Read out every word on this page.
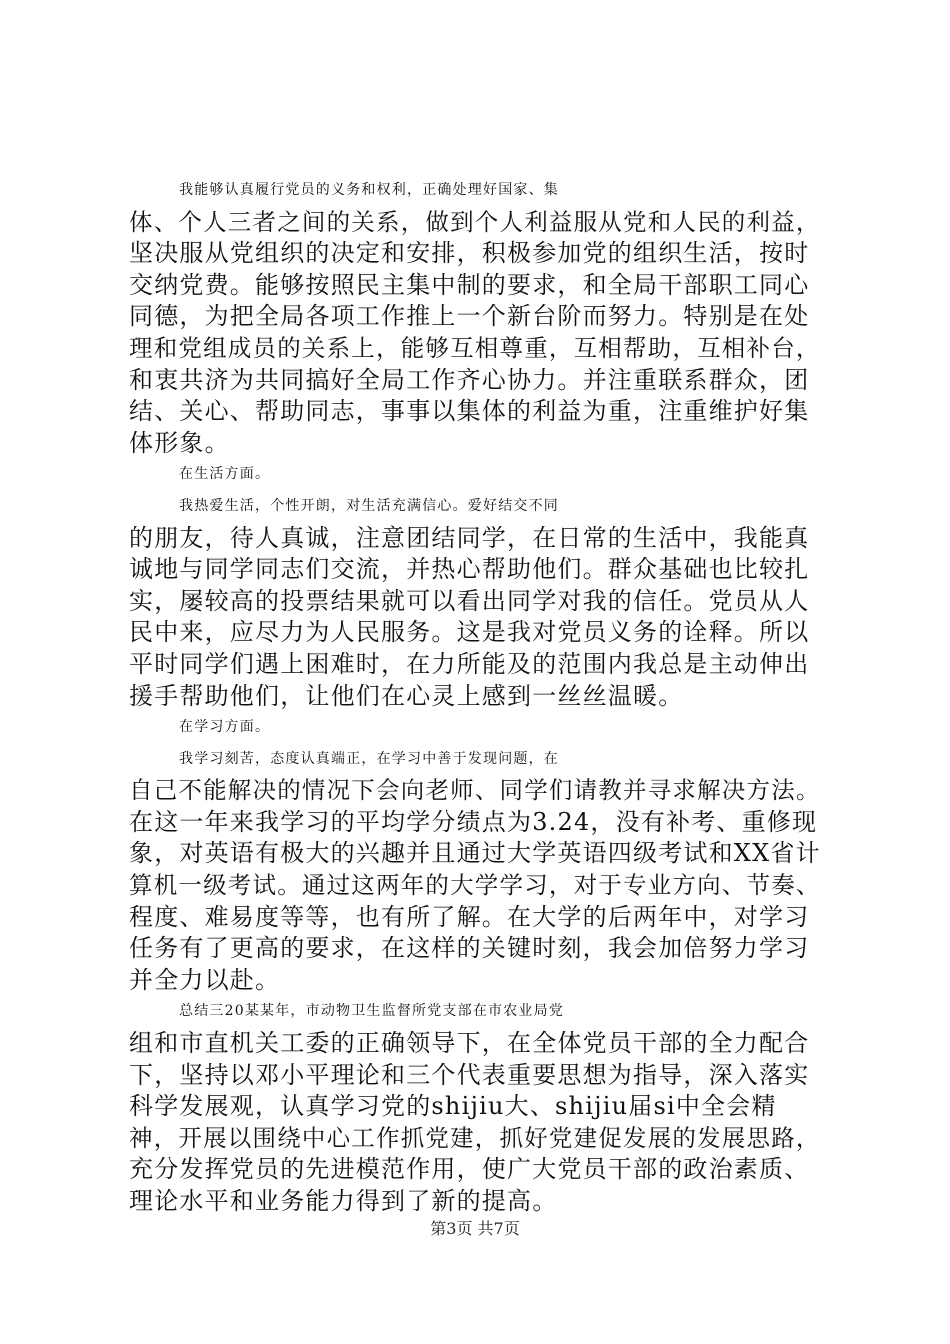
我能够认真履行党员的义务和权利，正确处理好国家、集

体、个人三者之间的关系，做到个人利益服从党和人民的利益，

坚决服从党组织的决定和安排，积极参加党的组织生活，按时

交纳党费。能够按照民主集中制的要求，和全局干部职工同心

同德，为把全局各项工作推上一个新台阶而努力。特别是在处

理和党组成员的关系上，能够互相尊重，互相帮助，互相补台，

和衷共济为共同搞好全局工作齐心协力。并注重联系群众，团

结、关心、帮助同志，事事以集体的利益为重，注重维护好集

体形象。

在生活方面。

我热爱生活，个性开朗，对生活充满信心。爱好结交不同

的朋友，待人真诚，注意团结同学，在日常的生活中，我能真

诚地与同学同志们交流，并热心帮助他们。群众基础也比较扎

实，屡较高的投票结果就可以看出同学对我的信任。党员从人

民中来，应尽力为人民服务。这是我对党员义务的诠释。所以

平时同学们遇上困难时，在力所能及的范围内我总是主动伸出

援手帮助他们，让他们在心灵上感到一丝丝温暖。

在学习方面。

我学习刻苦，态度认真端正，在学习中善于发现问题，在

自己不能解决的情况下会向老师、同学们请教并寻求解决方法。

在这一年来我学习的平均学分绩点为3.24，没有补考、重修现

象，对英语有极大的兴趣并且通过大学英语四级考试和XX省计

算机一级考试。通过这两年的大学学习，对于专业方向、节奏、

程度、难易度等等，也有所了解。在大学的后两年中，对学习

任务有了更高的要求，在这样的关键时刻，我会加倍努力学习

并全力以赴。

总结三20某某年，市动物卫生监督所党支部在市农业局党

组和市直机关工委的正确领导下，在全体党员干部的全力配合

下，坚持以邓小平理论和三个代表重要思想为指导，深入落实

科学发展观，认真学习党的shijiu大、shijiu届si中全会精

神，开展以围绕中心工作抓党建，抓好党建促发展的发展思路，

充分发挥党员的先进模范作用，使广大党员干部的政治素质、

理论水平和业务能力得到了新的提高。

第3页 共7页
